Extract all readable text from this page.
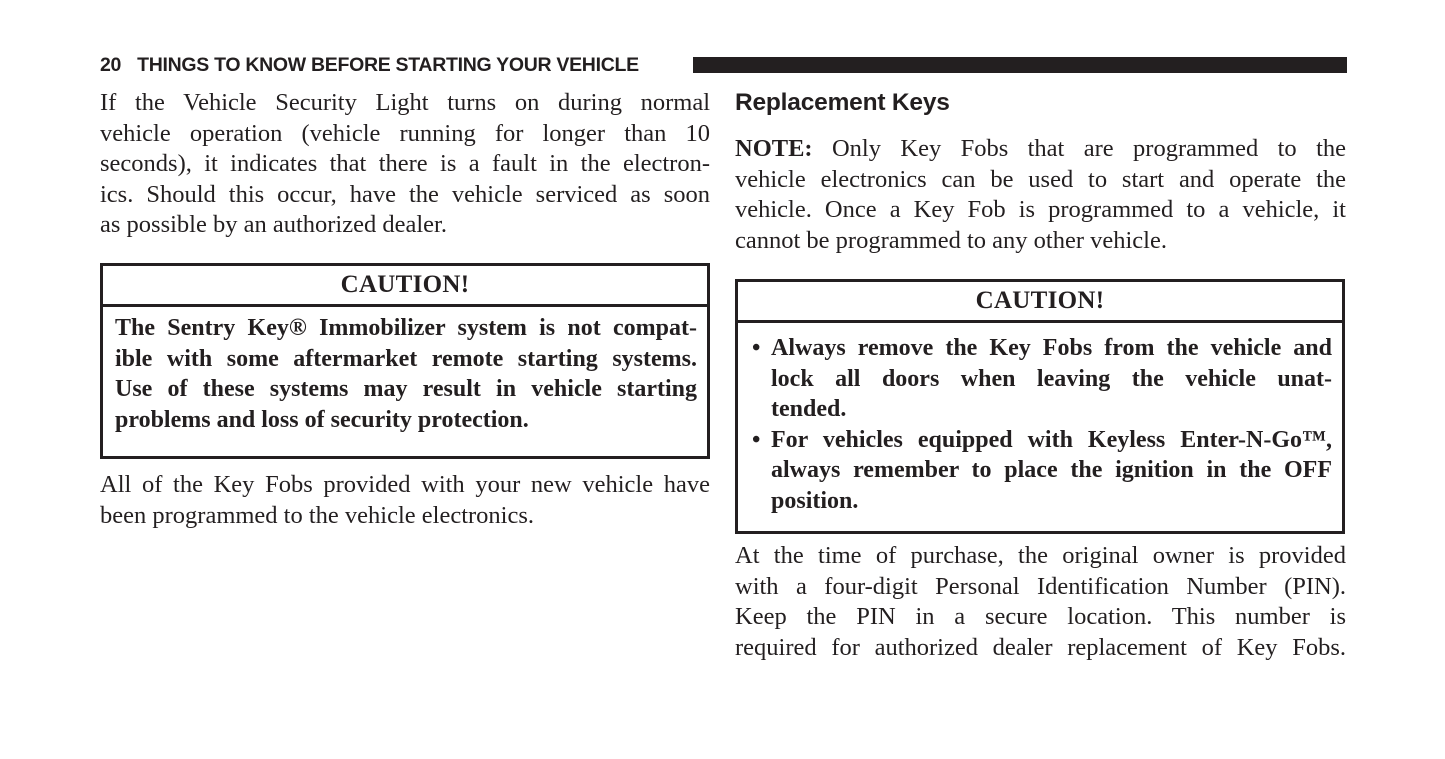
20 THINGS TO KNOW BEFORE STARTING YOUR VEHICLE
If the Vehicle Security Light turns on during normal
vehicle operation (vehicle running for longer than 10
seconds), it indicates that there is a fault in the electron-
ics. Should this occur, have the vehicle serviced as soon
as possible by an authorized dealer.
CAUTION!
The Sentry Key® Immobilizer system is not compat-
ible with some aftermarket remote starting systems.
Use of these systems may result in vehicle starting
problems and loss of security protection.
All of the Key Fobs provided with your new vehicle have
been programmed to the vehicle electronics.
Replacement Keys
NOTE: Only Key Fobs that are programmed to the
vehicle electronics can be used to start and operate the
vehicle. Once a Key Fob is programmed to a vehicle, it
cannot be programmed to any other vehicle.
CAUTION!
• Always remove the Key Fobs from the vehicle and
lock all doors when leaving the vehicle unat-
tended.
• For vehicles equipped with Keyless Enter-N-Go™,
always remember to place the ignition in the OFF
position.
At the time of purchase, the original owner is provided
with a four-digit Personal Identification Number (PIN).
Keep the PIN in a secure location. This number is
required for authorized dealer replacement of Key Fobs.
